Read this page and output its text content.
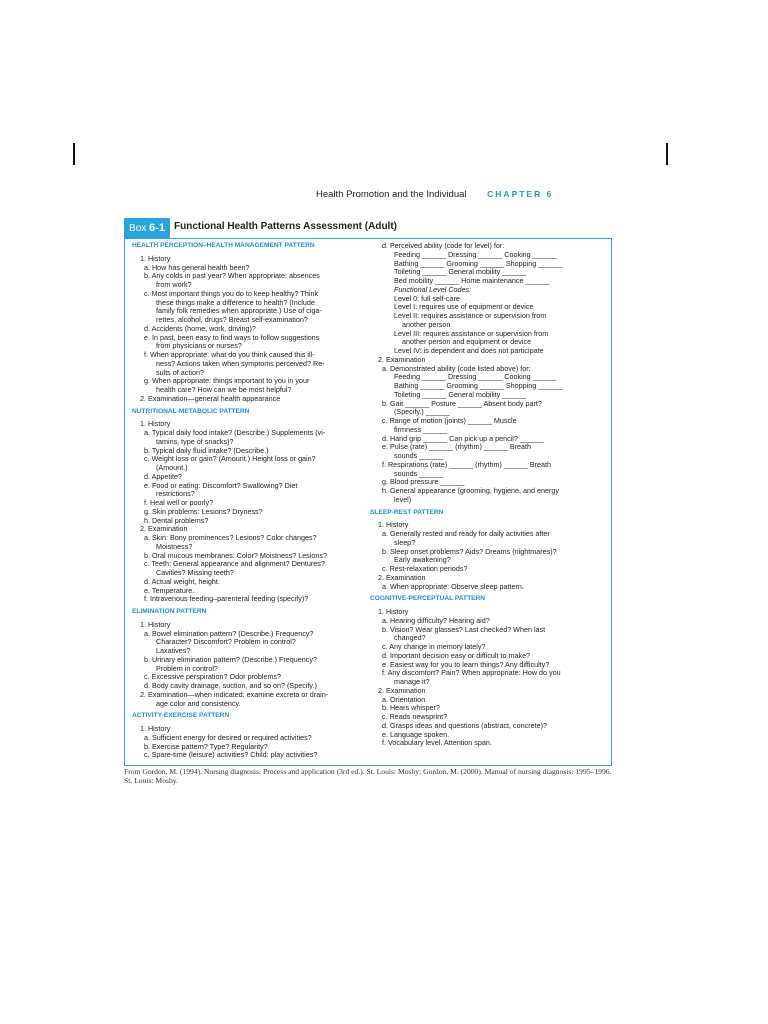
Health Promotion and the Individual CHAPTER 6
Box 6-1 Functional Health Patterns Assessment (Adult)
HEALTH PERCEPTION–HEALTH MANAGEMENT PATTERN
1. History
a. How has general health been?
b. Any colds in past year? When appropriate: absences
from work?
c. Most important things you do to keep healthy? Think
these things make a difference to health? (Include
family folk remedies when appropriate.) Use of ciga-
rettes, alcohol, drugs? Breast self-examination?
d. Accidents (home, work, driving)?
e. In past, been easy to find ways to follow suggestions
from physicians or nurses?
f. When appropriate: what do you think caused this ill-
ness? Actions taken when symptoms perceived? Re-
sults of action?
g. When appropriate: things important to you in your
health care? How can we be most helpful?
2. Examination—general health appearance
NUTRITIONAL-METABOLIC PATTERN
1. History
a. Typical daily food intake? (Describe.) Supplements (vi-
tamins, type of snacks)?
b. Typical daily fluid intake? (Describe.)
c. Weight loss or gain? (Amount.) Height loss or gain?
(Amount.)
d. Appetite?
e. Food or eating: Discomfort? Swallowing? Diet
restrictions?
f. Heal well or poorly?
g. Skin problems: Lesions? Dryness?
h. Dental problems?
2. Examination
a. Skin: Bony prominences? Lesions? Color changes?
Moistness?
b. Oral mucous membranes: Color? Moistness? Lesions?
c. Teeth: General appearance and alignment? Dentures?
Cavities? Missing teeth?
d. Actual weight, height.
e. Temperature.
f. Intravenous feeding–parenteral feeding (specify)?
ELIMINATION PATTERN
1. History
a. Bowel elimination pattern? (Describe.) Frequency?
Character? Discomfort? Problem in control?
Laxatives?
b. Urinary elimination pattern? (Describe.) Frequency?
Problem in control?
c. Excessive perspiration? Odor problems?
d. Body cavity drainage, suction, and so on? (Specify.)
2. Examination—when indicated: examine excreta or drain-
age color and consistency.
ACTIVITY-EXERCISE PATTERN
1. History
a. Sufficient energy for desired or required activities?
b. Exercise pattern? Type? Regularity?
c. Spare-time (leisure) activities? Child: play activities?
d. Perceived ability (code for level) for:
Feeding ______ Dressing ______ Cooking ______
Bathing ______ Grooming ______ Shopping ______
Toileting ______ General mobility ______
Bed mobility ______ Home maintenance ______
Functional Level Codes:
Level 0: full self-care
Level I: requires use of equipment or device
Level II: requires assistance or supervision from
another person
Level III: requires assistance or supervision from
another person and equipment or device
Level IV: is dependent and does not participate
2. Examination
a. Demonstrated ability (code listed above) for:
Feeding ______ Dressing ______ Cooking ______
Bathing ______ Grooming ______ Shopping ______
Toileting ______ General mobility ______
b. Gait ______ Posture ______ Absent body part?
(Specify.) ______
c. Range of motion (joints) ______ Muscle
firmness ______
d. Hand grip ______ Can pick up a pencil? ______
e. Pulse (rate) ______ (rhythm) ______ Breath
sounds ______
f. Respirations (rate) ______ (rhythm) ______ Breath
sounds ______
g. Blood pressure ______
h. General appearance (grooming, hygiene, and energy
level)
SLEEP-REST PATTERN
1. History
a. Generally rested and ready for daily activities after
sleep?
b. Sleep onset problems? Aids? Dreams (nightmares)?
Early awakening?
c. Rest-relaxation periods?
2. Examination
a. When appropriate: Observe sleep pattern.
COGNITIVE-PERCEPTUAL PATTERN
1. History
a. Hearing difficulty? Hearing aid?
b. Vision? Wear glasses? Last checked? When last
changed?
c. Any change in memory lately?
d. Important decision easy or difficult to make?
e. Easiest way for you to learn things? Any difficulty?
f. Any discomfort? Pain? When appropriate: How do you
manage it?
2. Examination
a. Orientation.
b. Hears whisper?
c. Reads newsprint?
d. Grasps ideas and questions (abstract, concrete)?
e. Language spoken.
f. Vocabulary level. Attention span.
From Gordon, M. (1994). Nursing diagnosis: Process and application (3rd ed.). St. Louis: Mosby; Gordon, M. (2000). Manual of nursing diagnosis: 1995–1996. St. Louis: Mosby.
